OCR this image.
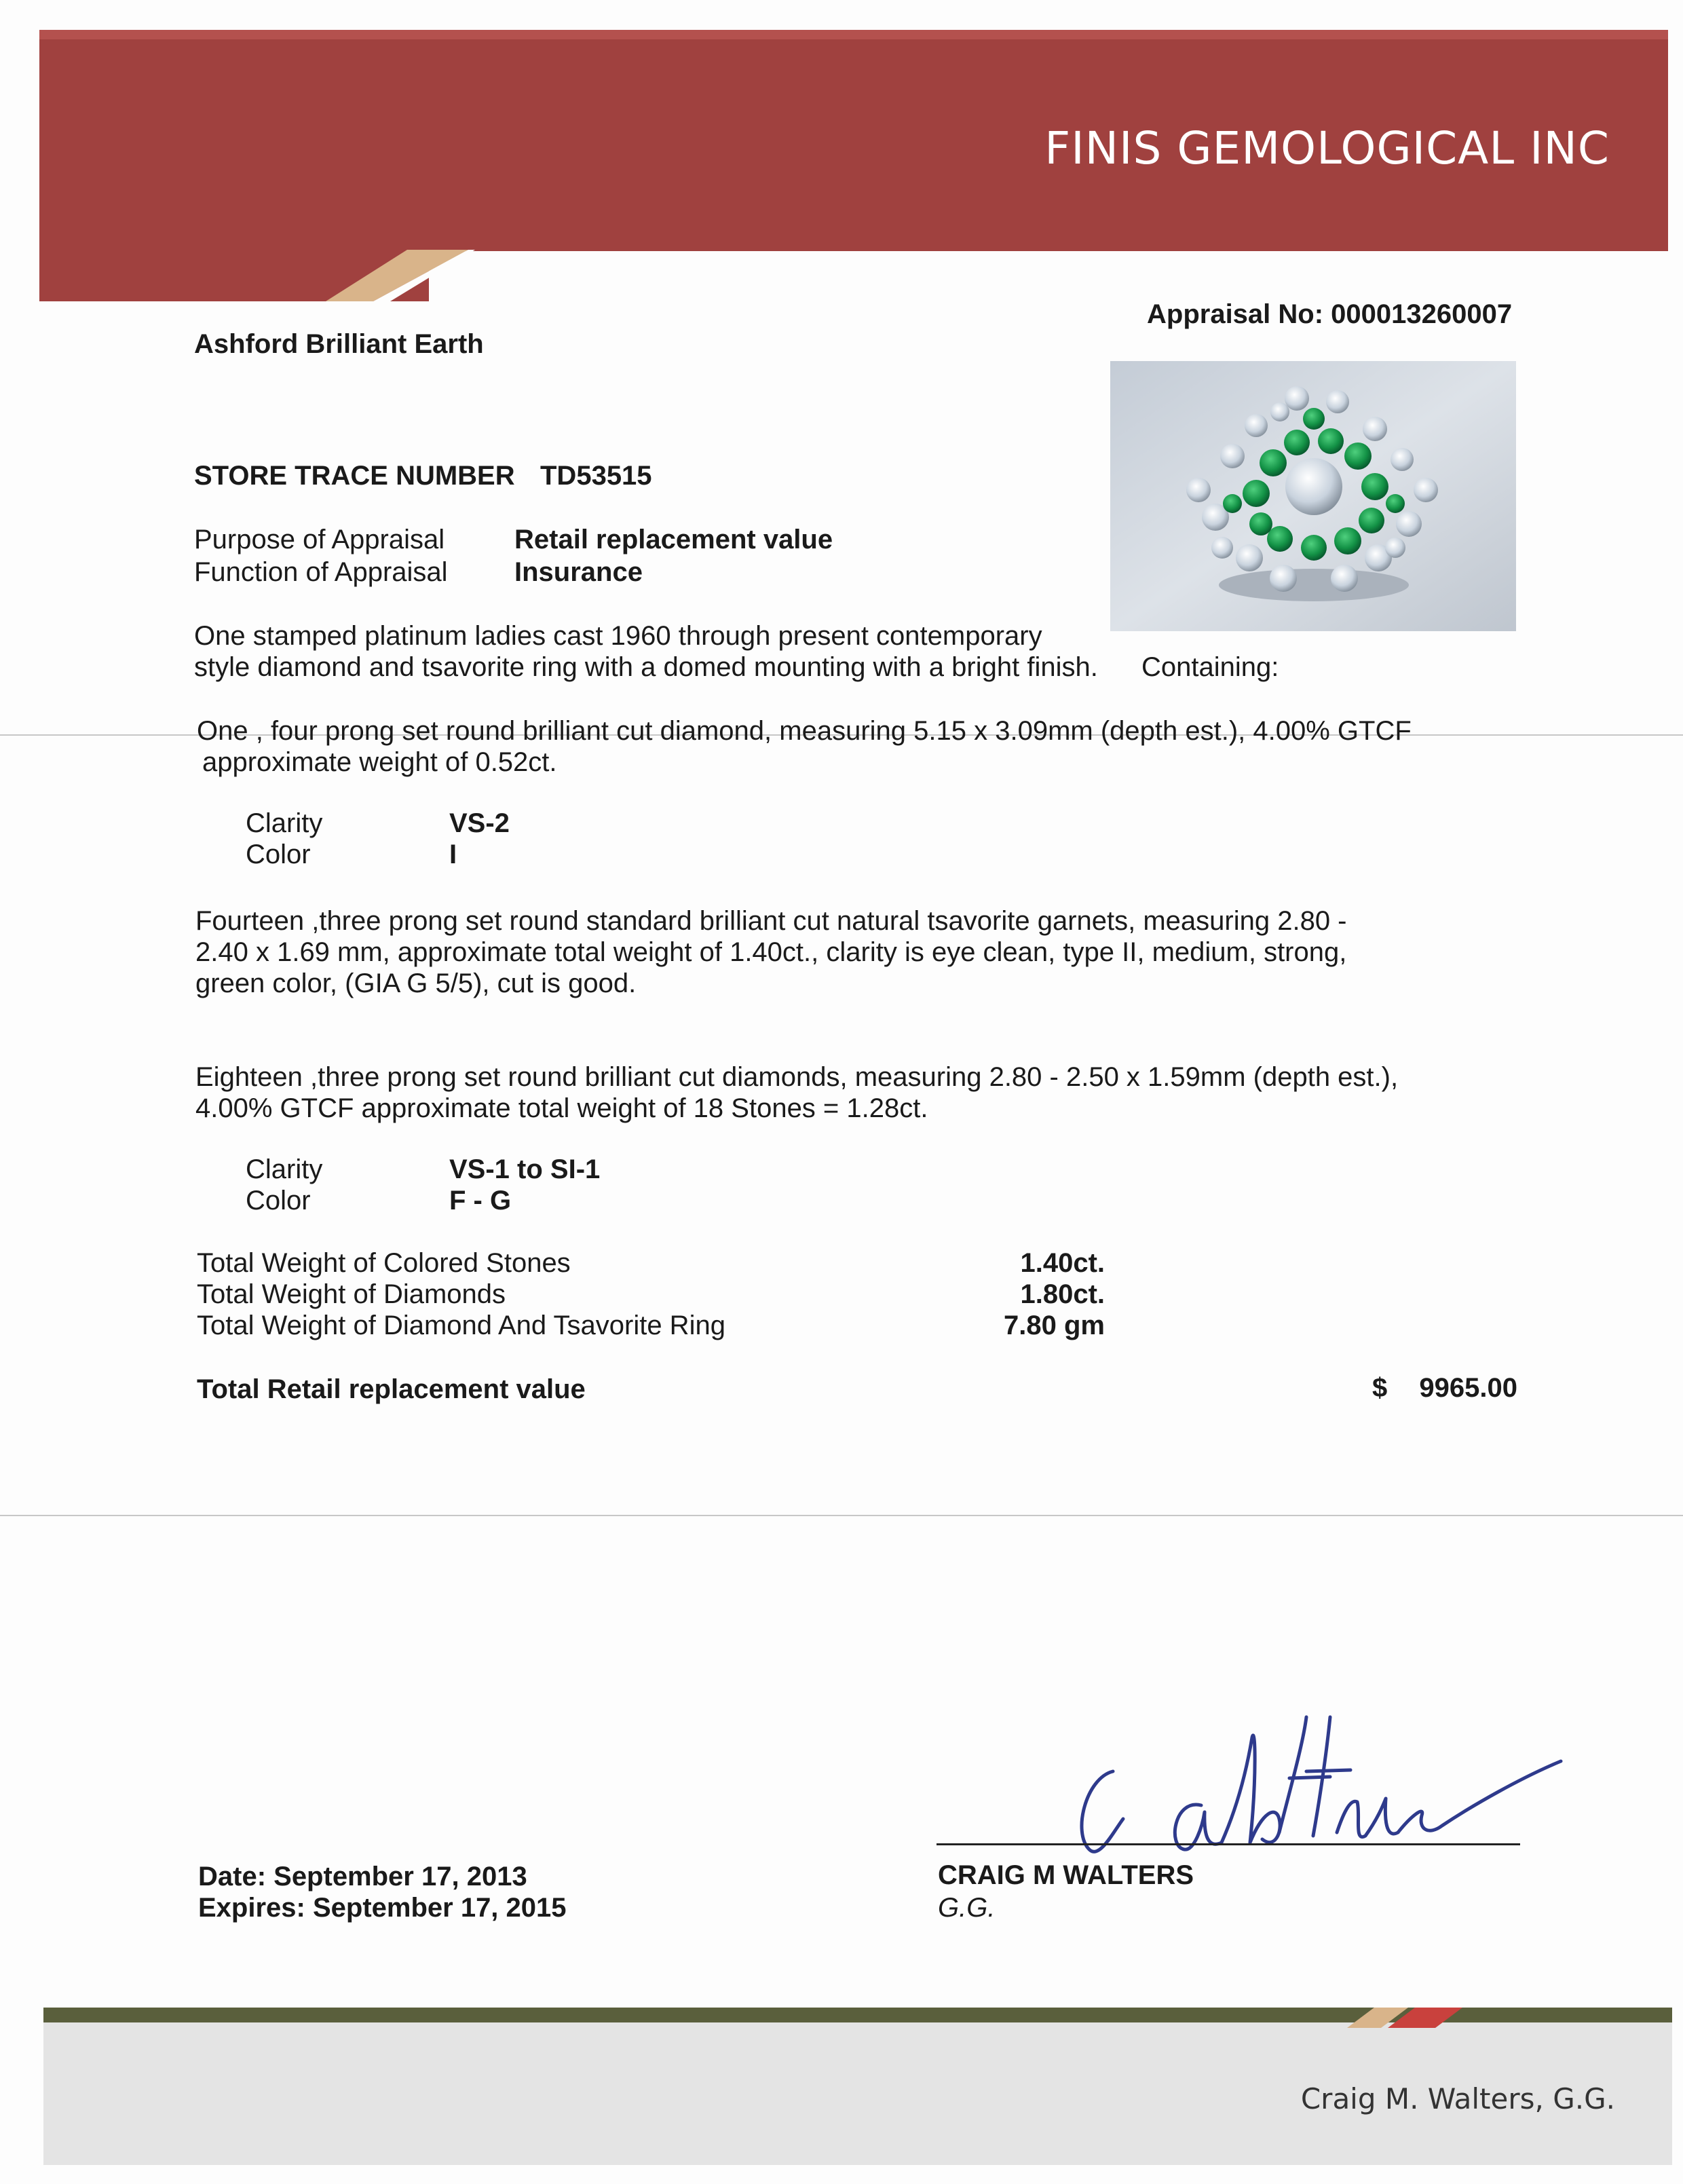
FINIS GEMOLOGICAL INC
Appraisal No: 000013260007
Ashford Brilliant Earth
STORE TRACE NUMBER TD53515
Purpose of Appraisal	Retail replacement value
Function of Appraisal Insurance
One stamped platinum ladies cast 1960 through present contemporary
style diamond and tsavorite ring with a domed mounting with a bright finish. Containing:
One , four prong set round brilliant cut diamond, measuring 5.15 x 3.09mm (depth est.), 4.00% GTCF
approximate weight of 0.52ct.
Clarity	VS-2
Color	I
Fourteen ,three prong set round standard brilliant cut natural tsavorite garnets, measuring 2.80 -
2.40 x 1.69 mm, approximate total weight of 1.40ct., clarity is eye clean, type II, medium, strong,
green color, (GIA G 5/5), cut is good.
Eighteen ,three prong set round brilliant cut diamonds, measuring 2.80 - 2.50 x 1.59mm (depth est.),
4.00% GTCF approximate total weight of 18 Stones = 1.28ct.
Clarity	VS-1 to SI-1
Color	F - G
Total Weight of Colored Stones	1.40ct.
Total Weight of Diamonds	1.80ct.
Total Weight of Diamond And Tsavorite Ring	7.80 gm
Total Retail replacement value	$ 9965.00
Date: September 17, 2013
Expires: September 17, 2015
CRAIG M WALTERS
G.G.
Craig M. Walters, G.G.
